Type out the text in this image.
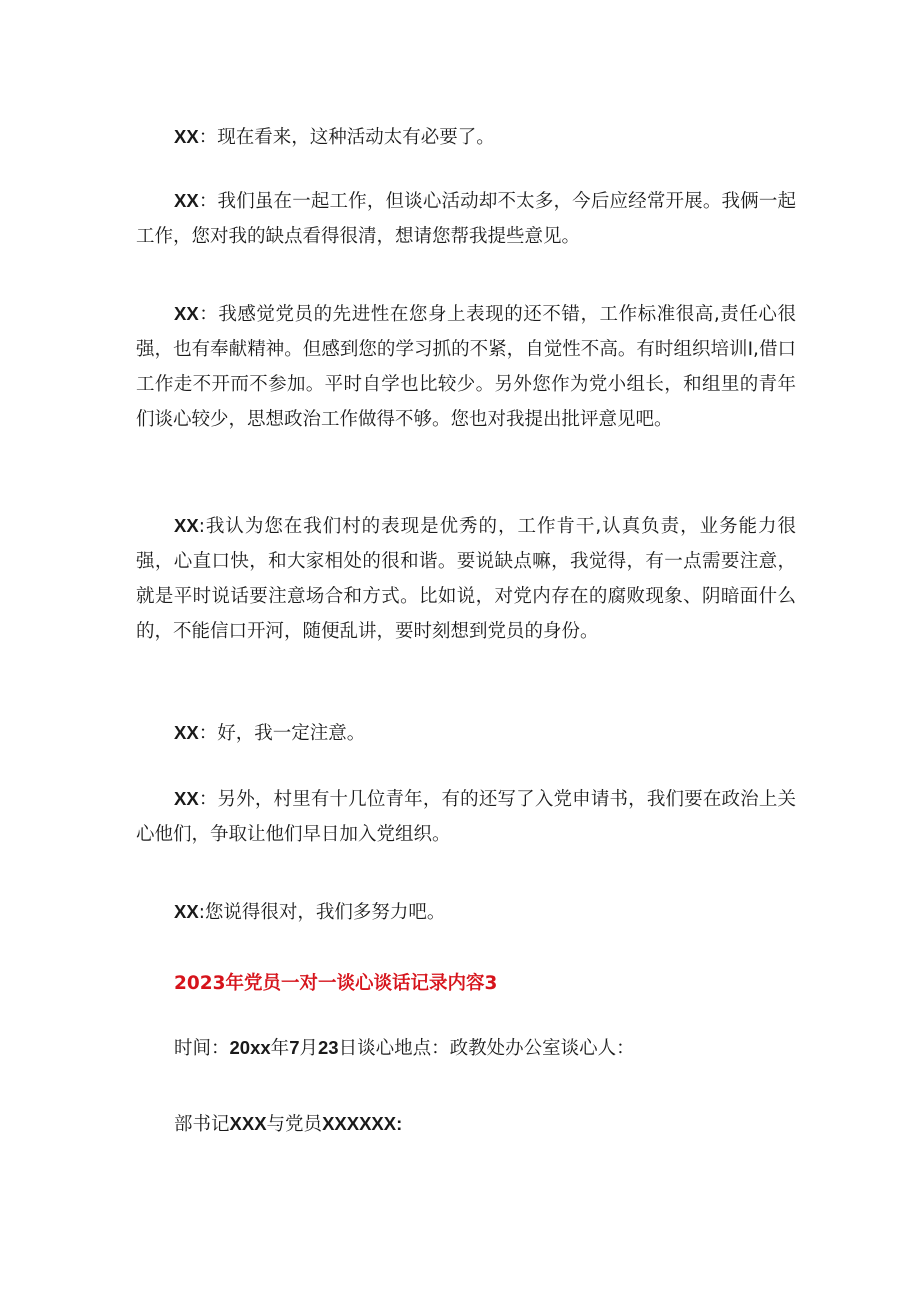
XX：现在看来，这种活动太有必要了。

XX：我们虽在一起工作，但谈心活动却不太多，今后应经常开展。我俩一起工作，您对我的缺点看得很清，想请您帮我提些意见。

XX：我感觉党员的先进性在您身上表现的还不错，工作标准很高,责任心很强，也有奉献精神。但感到您的学习抓的不紧，自觉性不高。有时组织培训I,借口工作走不开而不参加。平时自学也比较少。另外您作为党小组长，和组里的青年们谈心较少，思想政治工作做得不够。您也对我提出批评意见吧。

XX:我认为您在我们村的表现是优秀的，工作肯干,认真负责，业务能力很强，心直口快，和大家相处的很和谐。要说缺点嘛，我觉得，有一点需要注意，就是平时说话要注意场合和方式。比如说，对党内存在的腐败现象、阴暗面什么的，不能信口开河，随便乱讲，要时刻想到党员的身份。

XX：好，我一定注意。

XX：另外，村里有十几位青年，有的还写了入党申请书，我们要在政治上关心他们，争取让他们早日加入党组织。

XX:您说得很对，我们多努力吧。

2023年党员一对一谈心谈话记录内容3

时间：20xx年7月23日谈心地点：政教处办公室谈心人：

部书记XXX与党员XXXXXX:
